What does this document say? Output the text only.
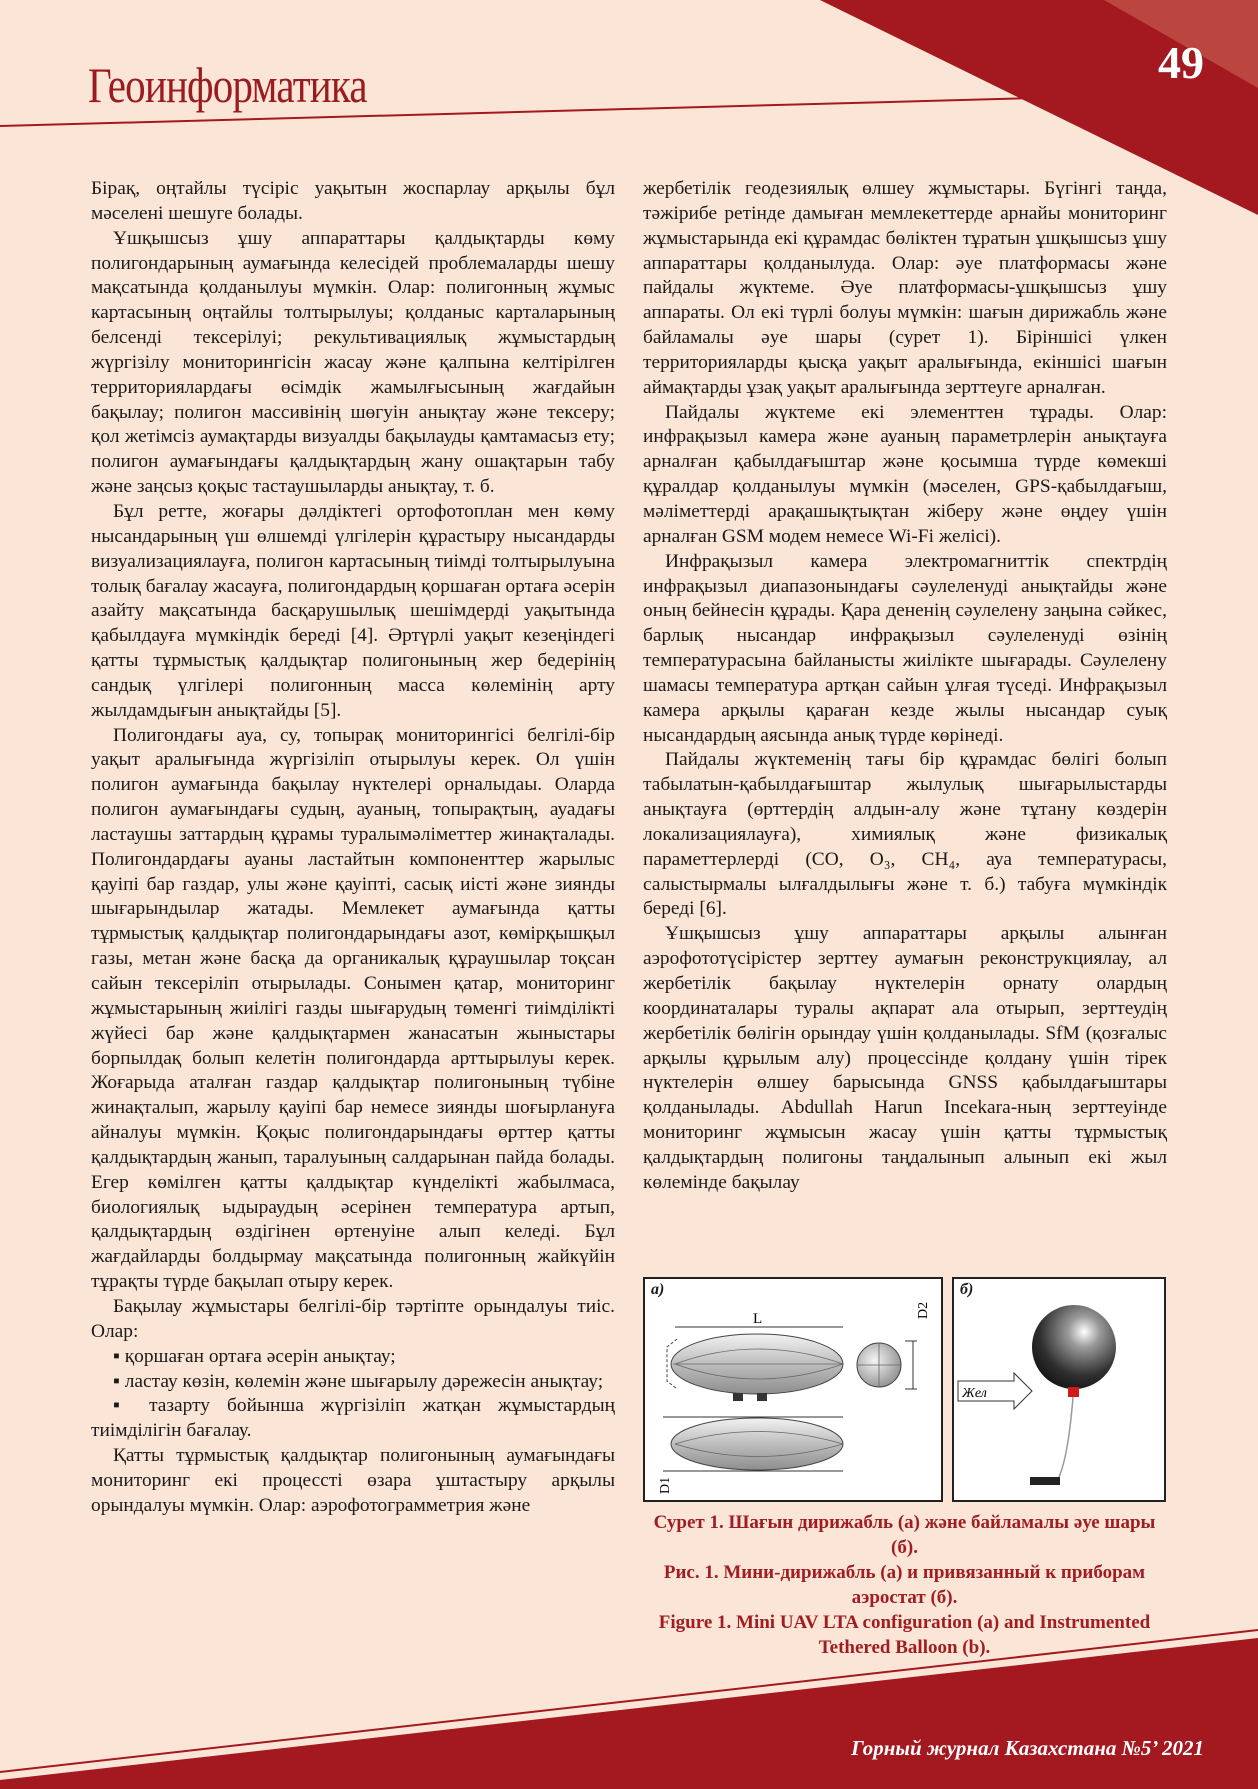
Геоинформатика	49

Бірақ, оңтайлы түсіріс уақытын жоспарлау арқылы бұл мәселені шешуге болады.

Ұшқышсыз ұшу аппараттары қалдықтарды көму полигондарының аумағында келесідей проблемаларды шешу мақсатында қолданылуы мүмкін. Олар: полигонның жұмыс картасының оңтайлы толтырылуы; қолданыс карталарының белсенді тексерілуі; рекультивациялық жұмыстардың жүргізілу мониторингісін жасау және қалпына келтірілген территориялардағы өсімдік жамылғысының жағдайын бақылау; полигон массивінің шөгуін анықтау және тексеру; қол жетімсіз аумақтарды визуалды бақылауды қамтамасыз ету; полигон аумағындағы қалдықтардың жану ошақтарын табу және заңсыз қоқыс тастаушыларды анықтау, т. б.

Бұл ретте, жоғары дәлдіктегі ортофотоплан мен көму нысандарының үш өлшемді үлгілерін құрастыру нысандарды визуализациялауға, полигон картасының тиімді толтырылуына толық бағалау жасауға, полигондардың қоршаған ортаға әсерін азайту мақсатында басқарушылық шешімдерді уақытында қабылдауға мүмкіндік береді [4]. Әртүрлі уақыт кезеңіндегі қатты тұрмыстық қалдықтар полигонының жер бедерінің сандық үлгілері полигонның масса көлемінің арту жылдамдығын анықтайды [5].

Полигондағы ауа, су, топырақ мониторингісі белгілі-бір уақыт аралығында жүргізіліп отырылуы керек. Ол үшін полигон аумағында бақылау нүктелері орналыдаы. Оларда полигон аумағындағы судың, ауаның, топырақтың, ауадағы ластаушы заттардың құрамы туралымәліметтер жинақталады. Полигондардағы ауаны ластайтын компоненттер жарылыс қауіпі бар газдар, улы және қауіпті, сасық иісті және зиянды шығарындылар жатады. Мемлекет аумағында қатты тұрмыстық қалдықтар полигондарындағы азот, көмірқышқыл газы, метан және басқа да органикалық құраушылар тоқсан сайын тексеріліп отырылады. Сонымен қатар, мониторинг жұмыстарының жиілігі газды шығарудың төменгі тиімділікті жүйесі бар және қалдықтармен жанасатын жыныстары борпылдақ болып келетін полигондарда арттырылуы керек. Жоғарыда аталған газдар қалдықтар полигонының түбіне жинақталып, жарылу қауіпі бар немесе зиянды шоғырлануға айналуы мүмкін. Қоқыс полигондарындағы өрттер қатты қалдықтардың жанып, таралуының салдарынан пайда болады. Егер көмілген қатты қалдықтар күнделікті жабылмаса, биологиялық ыдыраудың әсерінен температура артып, қалдықтардың өздігінен өртенуіне алып келеді. Бұл жағдайларды болдырмау мақсатында полигонның жайкүйін тұрақты түрде бақылап отыру керек.

Бақылау жұмыстары белгілі-бір тәртіпте орындалуы тиіс. Олар:

▪ қоршаған ортаға әсерін анықтау;

▪ ластау көзін, көлемін және шығарылу дәрежесін анықтау;

▪ тазарту бойынша жүргізіліп жатқан жұмыстардың тиімділігін бағалау.

Қатты тұрмыстық қалдықтар полигонының аумағындағы мониторинг екі процессті өзара ұштастыру арқылы орындалуы мүмкін. Олар: аэрофотограмметрия және

жербетілік геодезиялық өлшеу жұмыстары. Бүгінгі таңда, тәжірибе ретінде дамыған мемлекеттерде арнайы мониторинг жұмыстарында екі құрамдас бөліктен тұратын ұшқышсыз ұшу аппараттары қолданылуда. Олар: әуе платформасы және пайдалы жүктеме. Әуе платформасы-ұшқышсыз ұшу аппараты. Ол екі түрлі болуы мүмкін: шағын дирижабль және байламалы әуе шары (сурет 1). Біріншісі үлкен территорияларды қысқа уақыт аралығында, екіншісі шағын аймақтарды ұзақ уақыт аралығында зерттеуге арналған.

Пайдалы жүктеме екі элементтен тұрады. Олар: инфрақызыл камера және ауаның параметрлерін анықтауға арналған қабылдағыштар және қосымша түрде көмекші құралдар қолданылуы мүмкін (мәселен, GPS-қабылдағыш, мәліметтерді арақашықтықтан жіберу және өңдеу үшін арналған GSM модем немесе Wi-Fi желісі).

Инфрақызыл камера электромагниттік спектрдің инфрақызыл диапазонындағы сәулеленуді анықтайды және оның бейнесін құрады. Қара дененің сәулелену заңына сәйкес, барлық нысандар инфрақызыл сәулеленуді өзінің температурасына байланысты жиілікте шығарады. Сәулелену шамасы температура артқан сайын ұлғая түседі. Инфрақызыл камера арқылы қараған кезде жылы нысандар суық нысандардың аясында анық түрде көрінеді.

Пайдалы жүктеменің тағы бір құрамдас бөлігі болып табылатын-қабылдағыштар жылулық шығарылыстарды анықтауға (өрттердің алдын-алу және тұтану көздерін локализациялауға), химиялық және физикалық параметтерлерді (CO, O₃, CH₄, ауа температурасы, салыстырмалы ылғалдылығы және т. б.) табуға мүмкіндік береді [6].

Ұшқышсыз ұшу аппараттары арқылы алынған аэрофототүсірістер зерттеу аумағын реконструкциялау, ал жербетілік бақылау нүктелерін орнату олардың координаталары туралы ақпарат ала отырып, зерттеудің жербетілік бөлігін орындау үшін қолданылады. SfM (қозғалыс арқылы құрылым алу) процессінде қолдану үшін тірек нүктелерін өлшеу барысында GNSS қабылдағыштары қолданылады. Abdullah Harun Incekara-ның зерттеуінде мониторинг жұмысын жасау үшін қатты тұрмыстық қалдықтардың полигоны таңдалынып алынып екі жыл көлемінде бақылау

а)
L	D2
D1
б)
Жел
Сурет 1. Шағын дирижабль (а) және байламалы әуе шары (б).
Рис. 1. Мини-дирижабль (а) и привязанный к приборам аэростат (б).
Figure 1. Mini UAV LTA configuration (а) and Instrumented Tethered Balloon (b).
Горный журнал Казахстана №5’ 2021
